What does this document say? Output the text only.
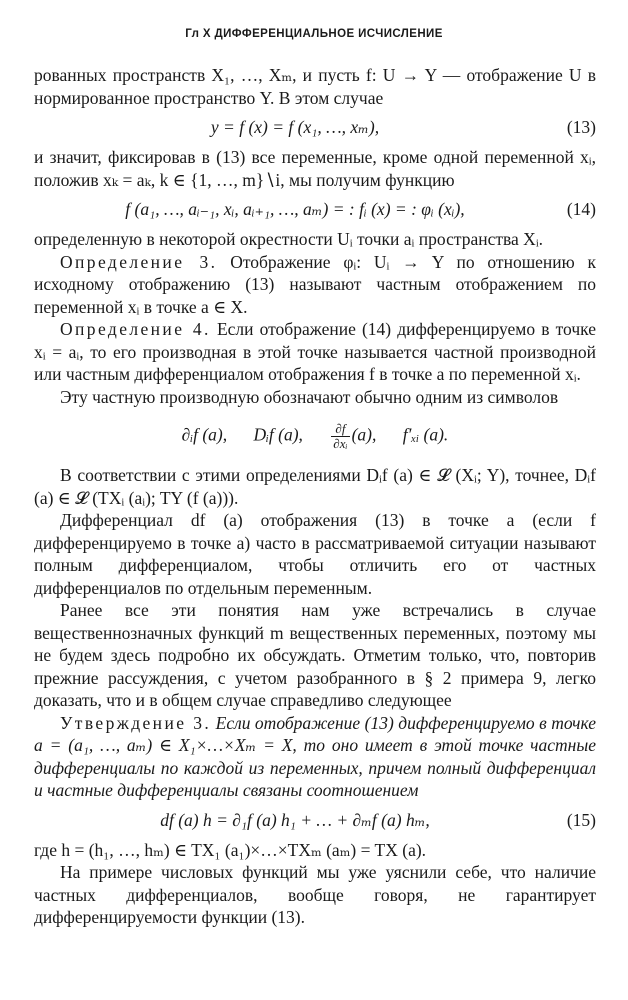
Гл X ДИФФЕРЕНЦИАЛЬНОЕ ИСЧИСЛЕНИЕ

рованных пространств X₁, …, Xₘ, и пусть f: U → Y — отображение U в нормированное пространство Y. В этом случае

y = f (x) = f (x₁, …, xₘ),	(13)

и значит, фиксировав в (13) все переменные, кроме одной переменной xᵢ, положив xₖ = aₖ, k ∈ {1, …, m}∖i, мы получим функцию

f (a₁, …, aᵢ₋₁, xᵢ, aᵢ₊₁, …, aₘ) = : fᵢ (x) = : φᵢ (xᵢ),	(14)

определенную в некоторой окрестности Uᵢ точки aᵢ пространства Xᵢ.

Определение 3. Отображение φᵢ: Uᵢ → Y по отношению к исходному отображению (13) называют частным отображением по переменной xᵢ в точке a ∈ X.

Определение 4. Если отображение (14) дифференцируемо в точке xᵢ = aᵢ, то его производная в этой точке называется частной производной или частным дифференциалом отображения f в точке a по переменной xᵢ.

Эту частную производную обозначают обычно одним из символов

∂ᵢf (a), Dᵢf (a), $\frac{\partial f}{\text{∂xᵢ}} (a)$, f′ₓᵢ (a).

В соответствии с этими определениями Dᵢf (a) ∈ 𝓛 (Xᵢ; Y), точнее, Dᵢf (a) ∈ 𝓛 (TXᵢ (aᵢ); TY (f (a))).

Дифференциал df (a) отображения (13) в точке a (если f дифференцируемо в точке a) часто в рассматриваемой ситуации называют полным дифференциалом, чтобы отличить его от частных дифференциалов по отдельным переменным.

Ранее все эти понятия нам уже встречались в случае вещественнозначных функций m вещественных переменных, поэтому мы не будем здесь подробно их обсуждать. Отметим только, что, повторив прежние рассуждения, с учетом разобранного в § 2 примера 9, легко доказать, что и в общем случае справедливо следующее

Утверждение 3. Если отображение (13) дифференцируемо в точке a = (a₁, …, aₘ) ∈ X₁×…×Xₘ = X, то оно имеет в этой точке частные дифференциалы по каждой из переменных, причем полный дифференциал и частные дифференциалы связаны соотношением

df (a) h = ∂₁f (a) h₁ + … + ∂ₘf (a) hₘ,	(15)

где h = (h₁, …, hₘ) ∈ TX₁ (a₁)×…×TXₘ (aₘ) = TX (a).

На примере числовых функций мы уже уяснили себе, что наличие частных дифференциалов, вообще говоря, не гарантирует дифференцируемости функции (13).
